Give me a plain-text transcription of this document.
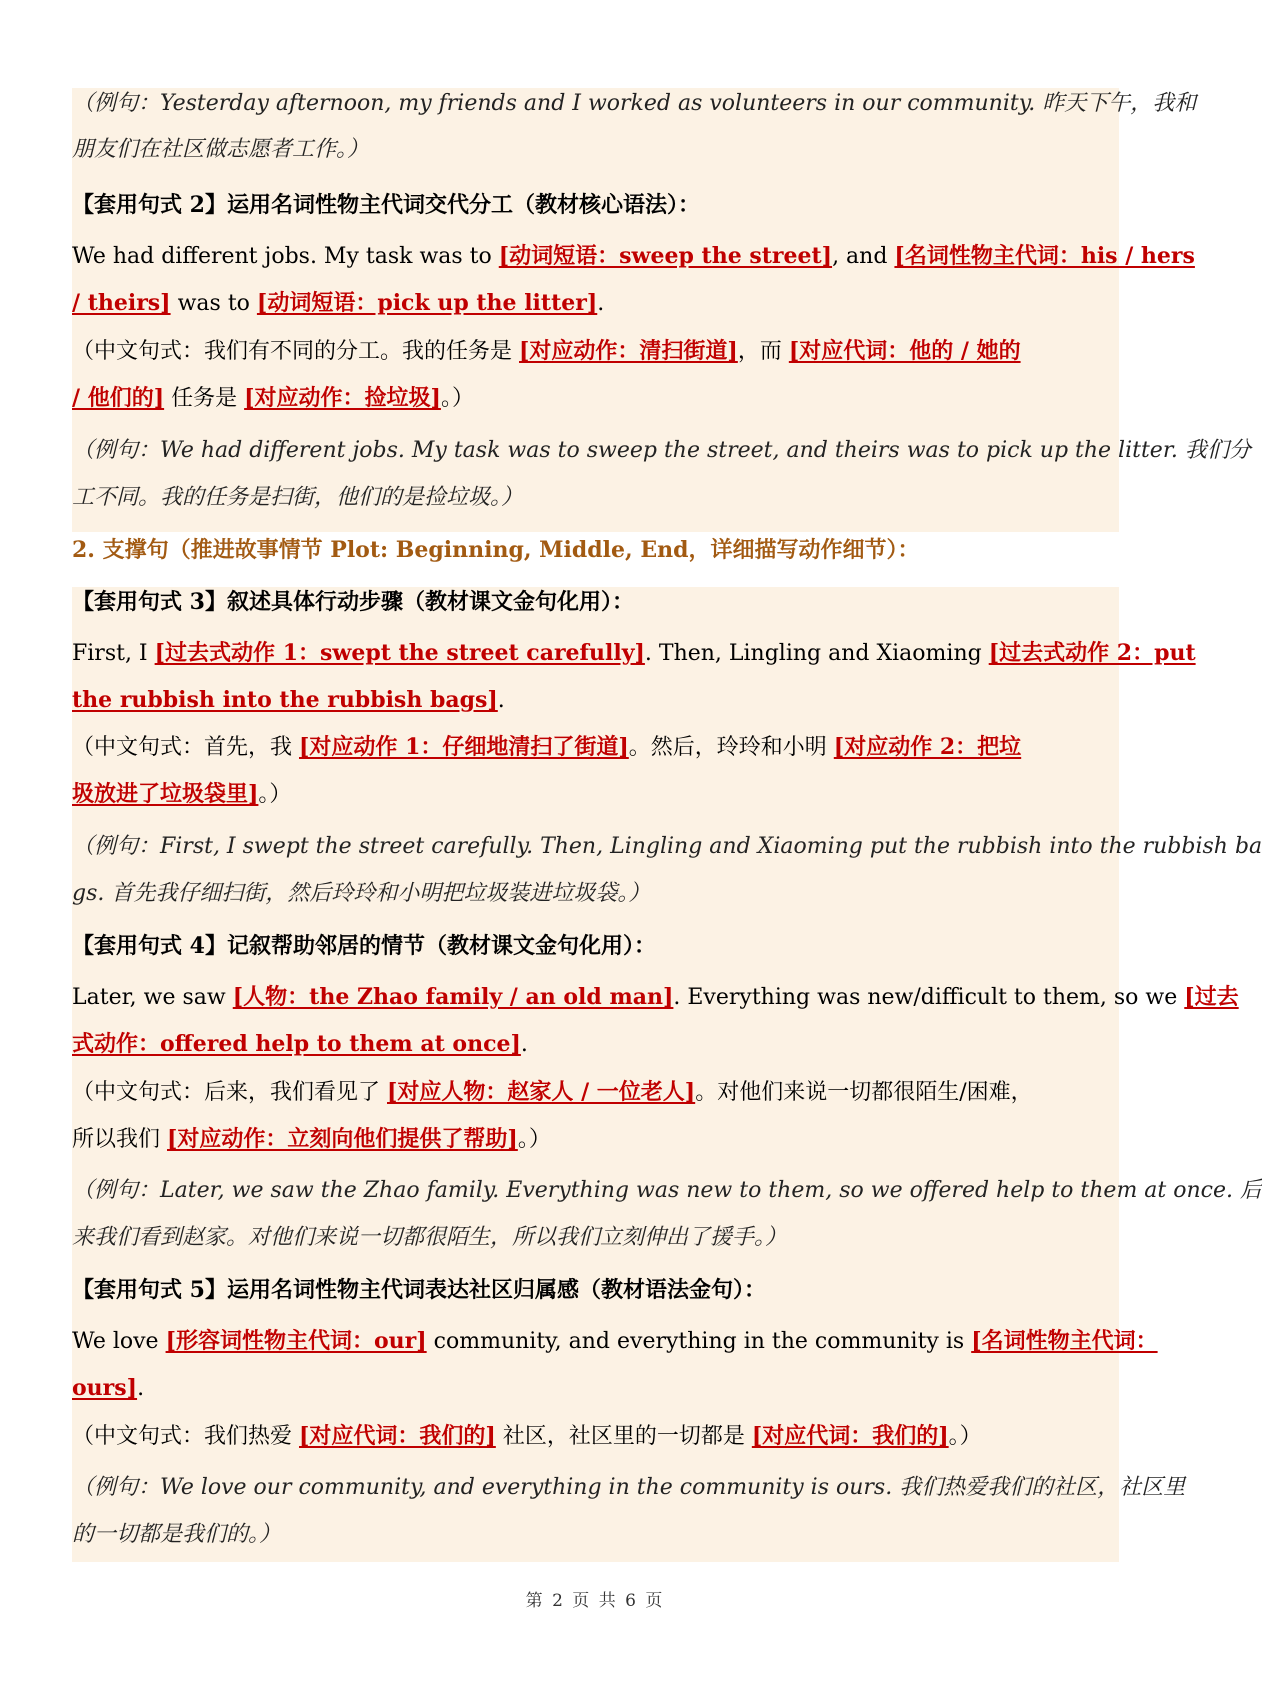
（例句：Yesterday afternoon, my friends and I worked as volunteers in our community. 昨天下午，我和
朋友们在社区做志愿者工作。）
【套用句式 2】运用名词性物主代词交代分工（教材核心语法）：
We had different jobs. My task was to [动词短语：sweep the street], and [名词性物主代词：his / hers
/ theirs] was to [动词短语：pick up the litter].
（中文句式：我们有不同的分工。我的任务是 [对应动作：清扫街道]，而 [对应代词：他的 / 她的
/ 他们的] 任务是 [对应动作：捡垃圾]。）
（例句：We had different jobs. My task was to sweep the street, and theirs was to pick up the litter. 我们分
工不同。我的任务是扫街，他们的是捡垃圾。）
2. 支撑句（推进故事情节 Plot: Beginning, Middle, End，详细描写动作细节）：
【套用句式 3】叙述具体行动步骤（教材课文金句化用）：
First, I [过去式动作 1：swept the street carefully]. Then, Lingling and Xiaoming [过去式动作 2：put
the rubbish into the rubbish bags].
（中文句式：首先，我 [对应动作 1：仔细地清扫了街道]。然后，玲玲和小明 [对应动作 2：把垃
圾放进了垃圾袋里]。）
（例句：First, I swept the street carefully. Then, Lingling and Xiaoming put the rubbish into the rubbish ba
gs. 首先我仔细扫街，然后玲玲和小明把垃圾装进垃圾袋。）
【套用句式 4】记叙帮助邻居的情节（教材课文金句化用）：
Later, we saw [人物：the Zhao family / an old man]. Everything was new/difficult to them, so we [过去
式动作：offered help to them at once].
（中文句式：后来，我们看见了 [对应人物：赵家人 / 一位老人]。对他们来说一切都很陌生/困难，
所以我们 [对应动作：立刻向他们提供了帮助]。）
（例句：Later, we saw the Zhao family. Everything was new to them, so we offered help to them at once. 后
来我们看到赵家。对他们来说一切都很陌生，所以我们立刻伸出了援手。）
【套用句式 5】运用名词性物主代词表达社区归属感（教材语法金句）：
We love [形容词性物主代词：our] community, and everything in the community is [名词性物主代词：
ours].
（中文句式：我们热爱 [对应代词：我们的] 社区，社区里的一切都是 [对应代词：我们的]。）
（例句：We love our community, and everything in the community is ours. 我们热爱我们的社区，社区里
的一切都是我们的。）
第 2 页 共 6 页
